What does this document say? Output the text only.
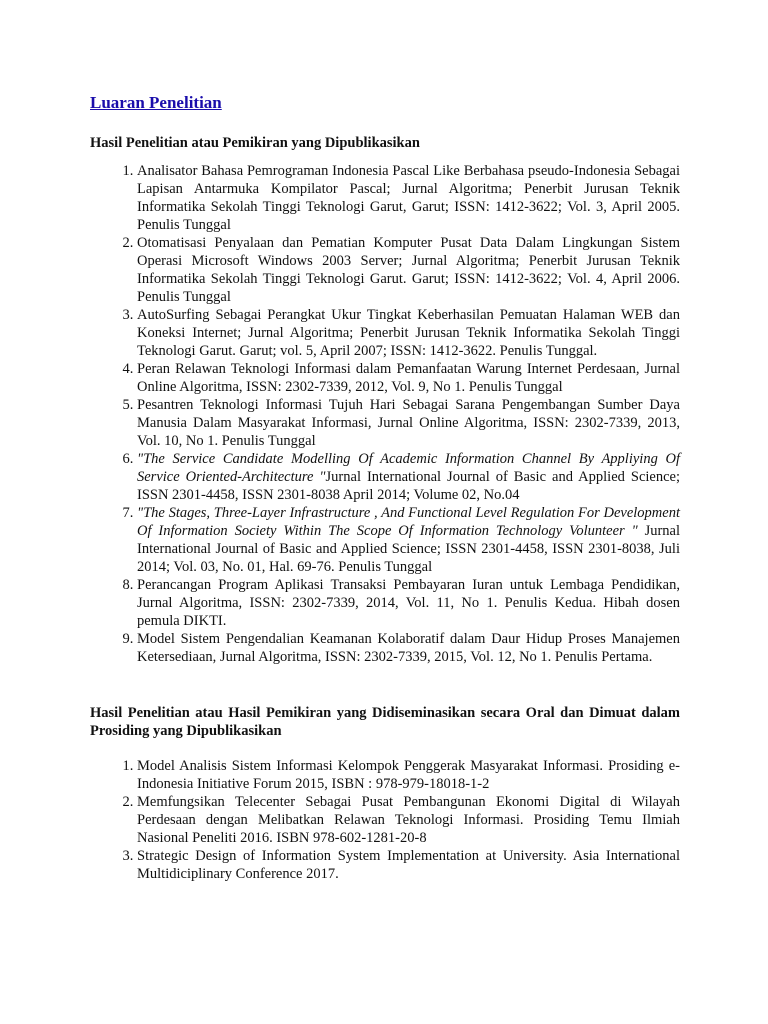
Luaran Penelitian
Hasil Penelitian atau Pemikiran yang Dipublikasikan
1. Analisator Bahasa Pemrograman Indonesia Pascal Like Berbahasa pseudo-Indonesia Sebagai Lapisan Antarmuka Kompilator Pascal; Jurnal Algoritma; Penerbit Jurusan Teknik Informatika Sekolah Tinggi Teknologi Garut, Garut; ISSN: 1412-3622; Vol. 3, April 2005. Penulis Tunggal
2. Otomatisasi Penyalaan dan Pematian Komputer Pusat Data Dalam Lingkungan Sistem Operasi Microsoft Windows 2003 Server; Jurnal Algoritma; Penerbit Jurusan Teknik Informatika Sekolah Tinggi Teknologi Garut. Garut; ISSN: 1412-3622; Vol. 4, April 2006. Penulis Tunggal
3. AutoSurfing Sebagai Perangkat Ukur Tingkat Keberhasilan Pemuatan Halaman WEB dan Koneksi Internet; Jurnal Algoritma; Penerbit Jurusan Teknik Informatika Sekolah Tinggi Teknologi Garut. Garut; vol. 5, April 2007; ISSN: 1412-3622. Penulis Tunggal.
4. Peran Relawan Teknologi Informasi dalam Pemanfaatan Warung Internet Perdesaan, Jurnal Online Algoritma, ISSN: 2302-7339, 2012, Vol. 9, No 1. Penulis Tunggal
5. Pesantren Teknologi Informasi Tujuh Hari Sebagai Sarana Pengembangan Sumber Daya Manusia Dalam Masyarakat Informasi, Jurnal Online Algoritma, ISSN: 2302-7339, 2013, Vol. 10, No 1. Penulis Tunggal
6. "The Service Candidate Modelling Of Academic Information Channel By Appliying Of Service Oriented-Architecture "Jurnal International Journal of Basic and Applied Science; ISSN 2301-4458, ISSN 2301-8038 April 2014; Volume 02, No.04
7. "The Stages, Three-Layer Infrastructure , And Functional Level Regulation For Development Of Information Society Within The Scope Of Information Technology Volunteer " Jurnal International Journal of Basic and Applied Science; ISSN 2301-4458, ISSN 2301-8038, Juli 2014; Vol. 03, No. 01, Hal. 69-76. Penulis Tunggal
8. Perancangan Program Aplikasi Transaksi Pembayaran Iuran untuk Lembaga Pendidikan, Jurnal Algoritma, ISSN: 2302-7339, 2014, Vol. 11, No 1. Penulis Kedua. Hibah dosen pemula DIKTI.
9. Model Sistem Pengendalian Keamanan Kolaboratif dalam Daur Hidup Proses Manajemen Ketersediaan, Jurnal Algoritma, ISSN: 2302-7339, 2015, Vol. 12, No 1. Penulis Pertama.
Hasil Penelitian atau Hasil Pemikiran yang Didiseminasikan secara Oral dan Dimuat dalam Prosiding yang Dipublikasikan
1. Model Analisis Sistem Informasi Kelompok Penggerak Masyarakat Informasi. Prosiding e-Indonesia Initiative Forum 2015, ISBN : 978-979-18018-1-2
2. Memfungsikan Telecenter Sebagai Pusat Pembangunan Ekonomi Digital di Wilayah Perdesaan dengan Melibatkan Relawan Teknologi Informasi. Prosiding Temu Ilmiah Nasional Peneliti 2016. ISBN 978-602-1281-20-8
3. Strategic Design of Information System Implementation at University. Asia International Multidiciplinary Conference 2017.
